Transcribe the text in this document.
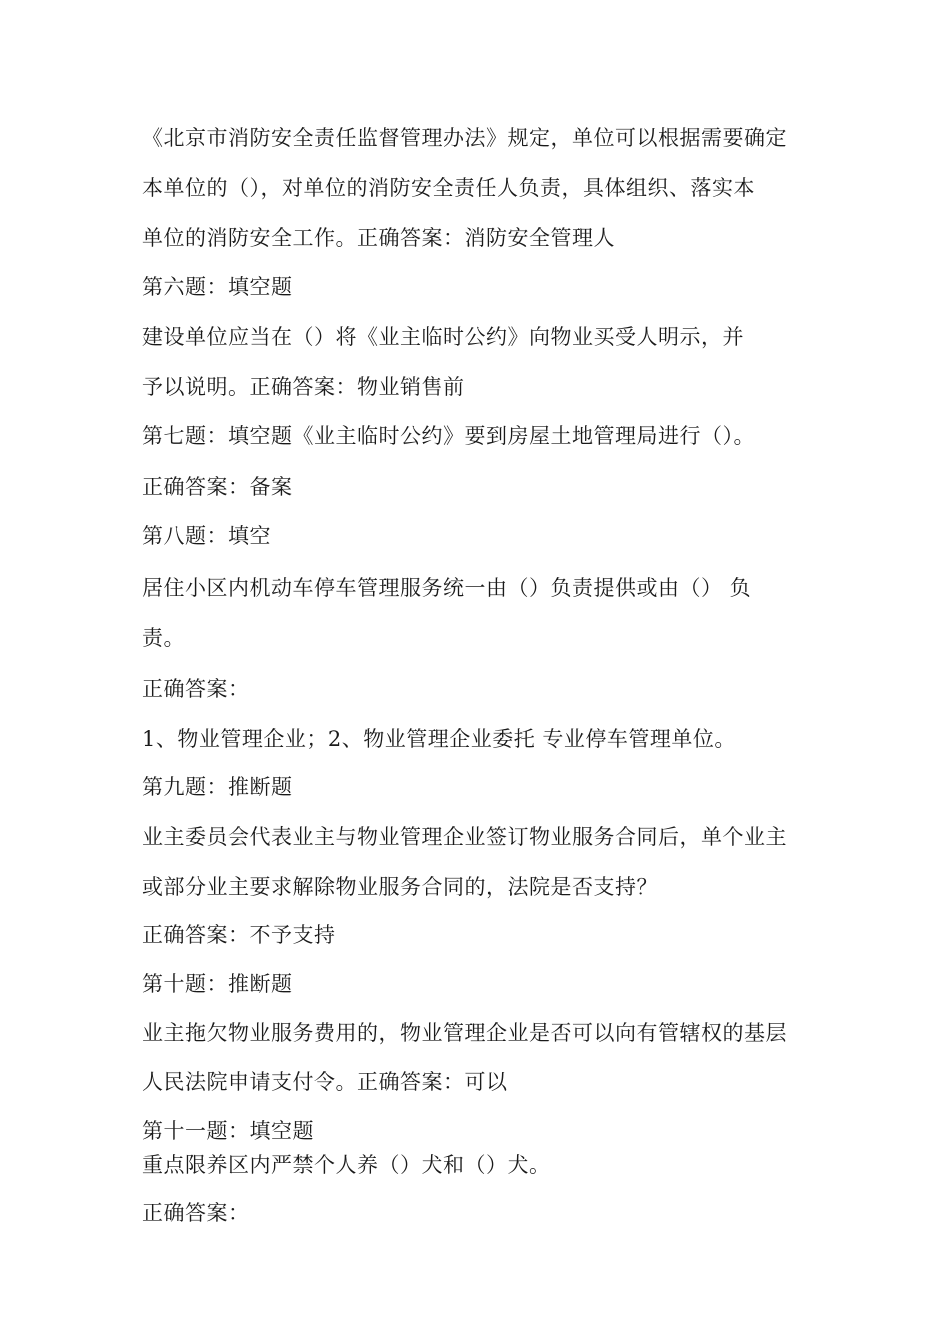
《北京市消防安全责任监督管理办法》规定，单位可以根据需要确定
本单位的（），对单位的消防安全责任人负责，具体组织、落实本
单位的消防安全工作。正确答案：消防安全管理人
第六题：填空题
建设单位应当在（）将《业主临时公约》向物业买受人明示，并
予以说明。正确答案：物业销售前
第七题：填空题《业主临时公约》要到房屋土地管理局进行（）。
正确答案：备案
第八题：填空
居住小区内机动车停车管理服务统一由（）负责提供或由（） 负
责。
正确答案：
1、物业管理企业；2、物业管理企业委托 专业停车管理单位。
第九题：推断题
业主委员会代表业主与物业管理企业签订物业服务合同后，单个业主
或部分业主要求解除物业服务合同的，法院是否支持？
正确答案：不予支持
第十题：推断题
业主拖欠物业服务费用的，物业管理企业是否可以向有管辖权的基层
人民法院申请支付令。正确答案：可以
第十一题：填空题
重点限养区内严禁个人养（）犬和（）犬。
正确答案：
